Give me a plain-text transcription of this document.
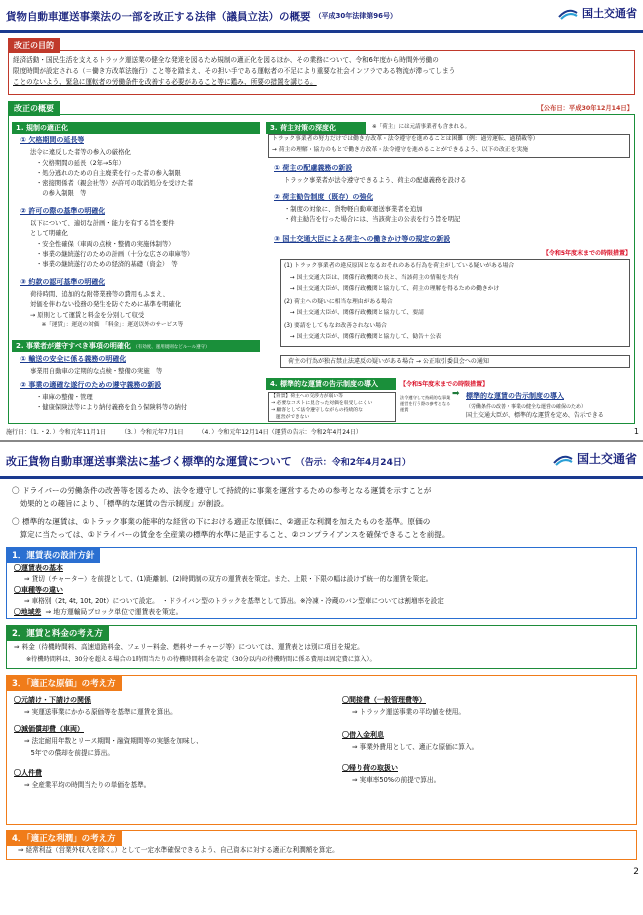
貨物自動車運送事業法の一部を改正する法律（議員立法）の概要 （平成30年法律第96号）	国土交通省
改正の目的
経済活動・国民生活を支えるトラック運送業の健全な発達を図るため規制の適正化を図るほか、その業務について、令和6年度から時間外労働の
限度時間が設定される（＝働き方改革法施行）こと等を踏まえ、その担い手である運転者の不足により重要な社会インフラである物流が滞ってしまう
ことのないよう、緊急に運転者の労働条件を改善する必要があること等に鑑み、所要の措置を講じる。
改正の概要	【公布日：平成30年12月14日】
1. 規制の適正化
① 欠格期間の延長等
法令に違反した者等の参入の厳格化
・欠格期間の延長（2年→5年）
・処分逃れのための自主廃業を行った者の参入制限
・密接関係者（親会社等）が許可の取消処分を受けた者
　の参入制限　等
② 許可の際の基準の明確化
以下について、適切な計画・能力を有する旨を要件
として明確化
・安全性確保（車両の点検・整備の実施体制等）
・事業の継続遂行のための計画（十分な広さの車庫等）
・事業の継続遂行のための経済的基礎（資金）　等
③ 約款の認可基準の明確化
荷待時間、追加的な附帯業務等の費用もふまえ、
対価を伴わない役務の発生を防ぐために基準を明確化
→ 原則として運賃と料金を分別して収受
　※「運賃」：運送の対価　「料金」：運送以外のサービス等
2. 事業者が遵守すべき事項の明確化 （有効度、運用規則などルール遵守）
① 輸送の安全に係る義務の明確化
事業用自動車の定期的な点検・整備の実施　等
② 事業の適確な遂行のための遵守義務の新設
・車庫の整備・管理
・健康保険法等により納付義務を負う保険料等の納付
3. 荷主対策の深度化	※「荷主」には元請事業者も含まれる。
トラック事業者の努力だけでは働き方改革・法令遵守を進めることは困難（例：過労運転、過積載等）
→ 荷主の理解・協力のもとで働き方改革・法令遵守を進めることができるよう、以下の改正を実施
① 荷主の配慮義務の新設
トラック事業者が法令遵守できるよう、荷主の配慮義務を設ける
② 荷主勧告制度（既存）の強化
・制度の対象に、貨物軽自動車運送事業者を追加
・荷主勧告を行った場合には、当該荷主の公表を行う旨を明記
③ 国土交通大臣による荷主への働きかけ等の規定の新設
【令和5年度末までの時限措置】
(1) トラック事業者の違反原因となるおそれのある行為を荷主がしている疑いがある場合
　→ 国土交通大臣は、関係行政機関の長と、当該荷主の情報を共有
　→ 国土交通大臣が、関係行政機関と協力して、荷主の理解を得るための働きかけ
(2) 荷主への疑いに相当な理由がある場合
　→ 国土交通大臣が、関係行政機関と協力して、要請
(3) 要請をしてもなお改善されない場合
　→ 国土交通大臣が、関係行政機関と協力して、勧告＋公表
荷主の行為が独占禁止法違反の疑いがある場合 → 公正取引委員会への通知
4. 標準的な運賃の告示制度の導入	【令和5年度末までの時限措置】
【背景】荷主への交渉力が弱い等
→ 必要なコストに見合った対価を収受しにくい
→ 顧客として法令遵守しながらの持続的な
　運営ができない
法令遵守して持続的な事業運営を行う際の参考となる運賃
➡ 標準的な運賃の告示制度の導入
（労働条件の改善・事業の健全な運営の確保のため）
国土交通大臣が、標準的な運賃を定め、告示できる
施行日：（1．・2．）令和元年11月1日　　　（3．）令和元年7月1日　　　（4．）令和元年12月14日（運賃の告示：令和2年4月24日）	1
改正貨物自動車運送事業法に基づく標準的な運賃について （告示：令和2年4月24日）	国土交通省
〇 ドライバーの労働条件の改善等を図るため、法令を遵守して持続的に事業を運営するための参考となる運賃を示すことが
　効果的との趣旨により、「標準的な運賃の告示制度」が創設。
〇 標準的な運賃は、①トラック事業の能率的な経営の下における適正な原価に、②適正な利潤を加えたものを基準。原価の
　算定に当たっては、①ドライバーの賃金を全産業の標準的水準に是正すること、②コンプライアンスを確保できることを前提。
1．運賃表の設計方針
〇運賃表の基本
⇒ 貸切（チャーター）を前提として、(1)距離制、(2)時間制の双方の運賃表を策定。また、上限・下限の幅は設けず統一的な運賃を策定。
〇車種等の違い
⇒ 車格別（2t, 4t, 10t, 20t）について設定。　・ドライバン型のトラックを基準として算出。※冷凍・冷蔵のバン型車については割増率を設定
〇地域差 ⇒ 地方運輸局ブロック単位で運賃表を策定。
2．運賃と料金の考え方
⇒ 料金（待機時間料、高速道路料金、フェリー料金、燃料サーチャージ等）については、運賃表とは別に項目を規定。
※待機時間料は、30分を超える場合の1時間当たりの待機時間料金を設定（30分以内の待機時間に係る費用は固定費に算入）。
3．「適正な原価」の考え方
〇元請け・下請けの関係
⇒ 実運送事業にかかる原価等を基準に運賃を算出。
〇減価償却費（車両）
⇒ 法定耐用年数とリース期間・融資期間等の実態を加味し、
　5年での償却を前提に算出。
〇人件費
⇒ 全産業平均の時間当たりの単価を基準。
〇間接費（一般管理費等）
⇒ トラック運送事業の平均値を使用。
〇借入金利息
⇒ 事業外費用として、適正な原価に算入。
〇帰り荷の取扱い
⇒ 実車率50%の前提で算出。
4．「適正な利潤」の考え方
⇒ 経常利益（営業外収入を除く。）として一定水準確保できるよう、自己資本に対する適正な利潤額を算定。
2
